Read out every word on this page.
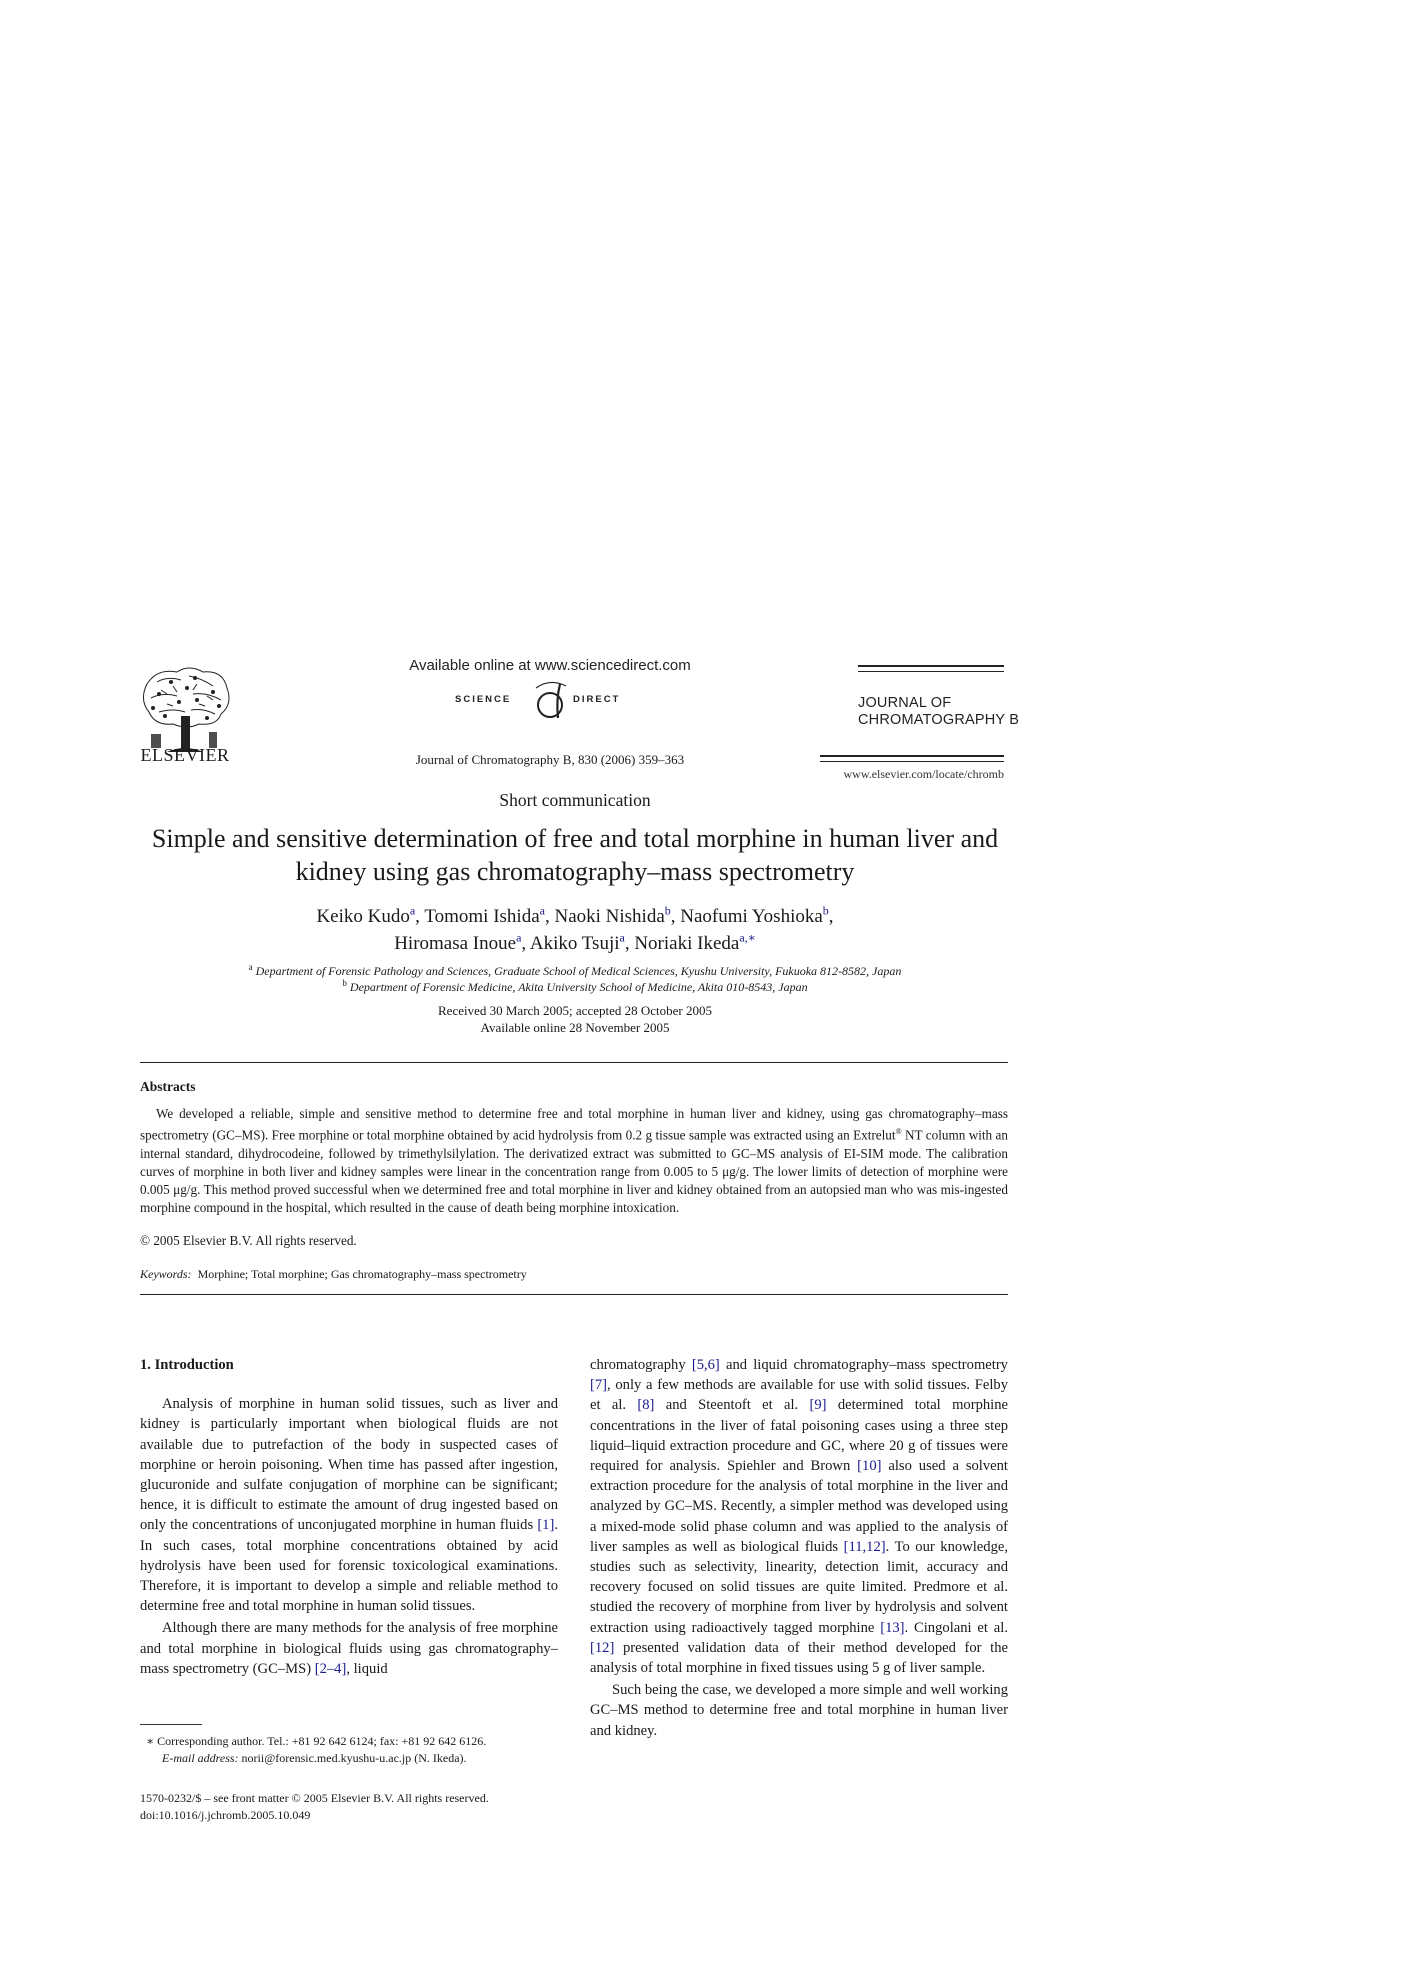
ELSEVIER
Available online at www.sciencedirect.com
SCIENCE	DIRECT
Journal of Chromatography B, 830 (2006) 359–363
JOURNAL OF
CHROMATOGRAPHY B
www.elsevier.com/locate/chromb
Short communication
Simple and sensitive determination of free and total morphine in human liver and kidney using gas chromatography–mass spectrometry
Keiko Kudo$^a$, Tomomi Ishida$^a$, Naoki Nishida$^b$, Naofumi Yoshioka$^b$,
Hiromasa Inoue$^a$, Akiko Tsuji$^a$, Noriaki Ikeda$^{a,∗}$
$^a$ Department of Forensic Pathology and Sciences, Graduate School of Medical Sciences, Kyushu University, Fukuoka 812-8582, Japan
$^b$ Department of Forensic Medicine, Akita University School of Medicine, Akita 010-8543, Japan
Received 30 March 2005; accepted 28 October 2005
Available online 28 November 2005
Abstracts
We developed a reliable, simple and sensitive method to determine free and total morphine in human liver and kidney, using gas chromatography–mass spectrometry (GC–MS). Free morphine or total morphine obtained by acid hydrolysis from 0.2 g tissue sample was extracted using an Extrelut® NT column with an internal standard, dihydrocodeine, followed by trimethylsilylation. The derivatized extract was submitted to GC–MS analysis of EI-SIM mode. The calibration curves of morphine in both liver and kidney samples were linear in the concentration range from 0.005 to 5 μg/g. The lower limits of detection of morphine were 0.005 μg/g. This method proved successful when we determined free and total morphine in liver and kidney obtained from an autopsied man who was mis-ingested morphine compound in the hospital, which resulted in the cause of death being morphine intoxication.
© 2005 Elsevier B.V. All rights reserved.
Keywords: Morphine; Total morphine; Gas chromatography–mass spectrometry
1. Introduction

Analysis of morphine in human solid tissues, such as liver and kidney is particularly important when biological fluids are not available due to putrefaction of the body in suspected cases of morphine or heroin poisoning. When time has passed after ingestion, glucuronide and sulfate conjugation of morphine can be significant; hence, it is difficult to estimate the amount of drug ingested based on only the concentrations of unconjugated morphine in human fluids [1]. In such cases, total morphine concentrations obtained by acid hydrolysis have been used for forensic toxicological examinations. Therefore, it is important to develop a simple and reliable method to determine free and total morphine in human solid tissues.

Although there are many methods for the analysis of free morphine and total morphine in biological fluids using gas chromatography–mass spectrometry (GC–MS) [2–4], liquid

chromatography [5,6] and liquid chromatography–mass spectrometry [7], only a few methods are available for use with solid tissues. Felby et al. [8] and Steentoft et al. [9] determined total morphine concentrations in the liver of fatal poisoning cases using a three step liquid–liquid extraction procedure and GC, where 20 g of tissues were required for analysis. Spiehler and Brown [10] also used a solvent extraction procedure for the analysis of total morphine in the liver and analyzed by GC–MS. Recently, a simpler method was developed using a mixed-mode solid phase column and was applied to the analysis of liver samples as well as biological fluids [11,12]. To our knowledge, studies such as selectivity, linearity, detection limit, accuracy and recovery focused on solid tissues are quite limited. Predmore et al. studied the recovery of morphine from liver by hydrolysis and solvent extraction using radioactively tagged morphine [13]. Cingolani et al. [12] presented validation data of their method developed for the analysis of total morphine in fixed tissues using 5 g of liver sample.

Such being the case, we developed a more simple and well working GC–MS method to determine free and total morphine in human liver and kidney.

∗ Corresponding author. Tel.: +81 92 642 6124; fax: +81 92 642 6126.
E-mail address: norii@forensic.med.kyushu-u.ac.jp (N. Ikeda).
1570-0232/$ – see front matter © 2005 Elsevier B.V. All rights reserved.
doi:10.1016/j.jchromb.2005.10.049
